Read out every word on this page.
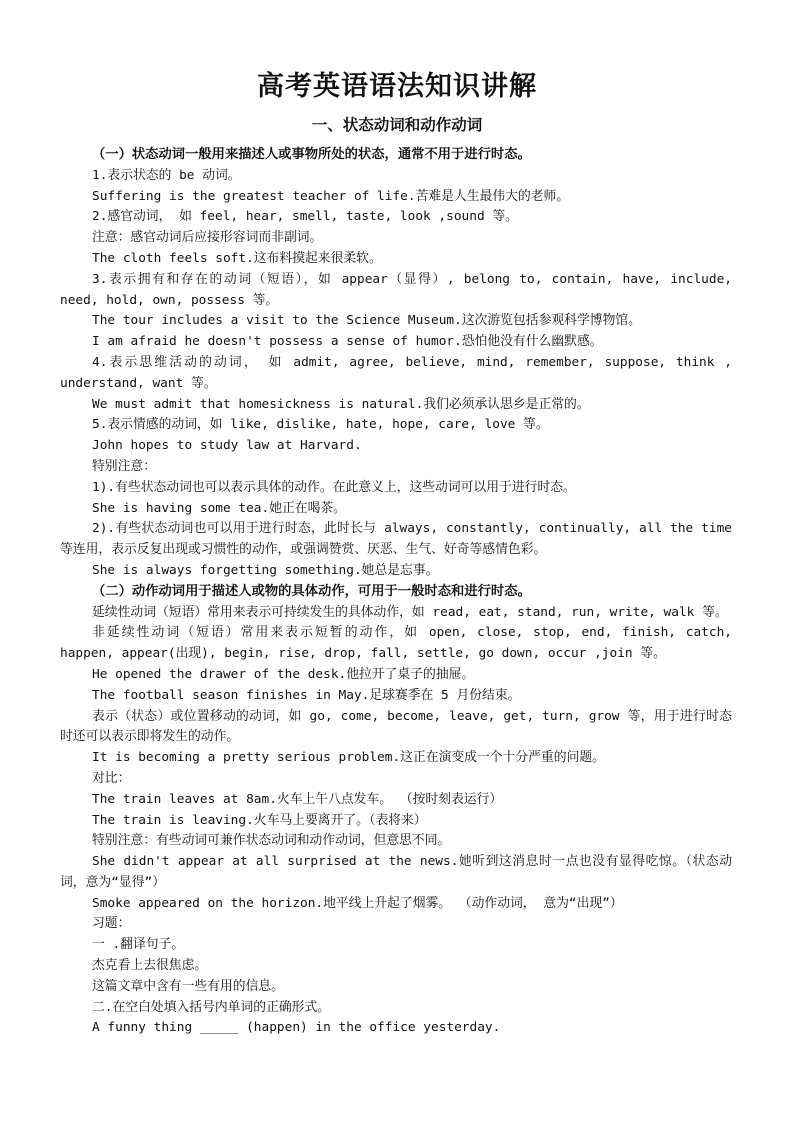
高考英语语法知识讲解
一、状态动词和动作动词

（一）状态动词一般用来描述人或事物所处的状态，通常不用于进行时态。

1.表示状态的 be 动词。

Suffering is the greatest teacher of life.苦难是人生最伟大的老师。

2.感官动词， 如 feel, hear, smell, taste, look ,sound 等。

注意：感官动词后应接形容词而非副词。

The cloth feels soft.这布料摸起来很柔软。

3.表示拥有和存在的动词（短语），如 appear（显得）, belong to, contain, have, include, need, hold, own, possess 等。

The tour includes a visit to the Science Museum.这次游览包括参观科学博物馆。

I am afraid he doesn't possess a sense of humor.恐怕他没有什么幽默感。

4.表示思维活动的动词， 如 admit, agree, believe, mind, remember, suppose, think , understand, want 等。

We must admit that homesickness is natural.我们必须承认思乡是正常的。

5.表示情感的动词，如 like, dislike, hate, hope, care, love 等。

John hopes to study law at Harvard.

特别注意：

1).有些状态动词也可以表示具体的动作。在此意义上，这些动词可以用于进行时态。

She is having some tea.她正在喝茶。

2).有些状态动词也可以用于进行时态，此时长与 always, constantly, continually, all the time 等连用，表示反复出现或习惯性的动作，或强调赞赏、厌恶、生气、好奇等感情色彩。

She is always forgetting something.她总是忘事。

（二）动作动词用于描述人或物的具体动作，可用于一般时态和进行时态。

延续性动词（短语）常用来表示可持续发生的具体动作，如 read, eat, stand, run, write, walk 等。

非延续性动词（短语）常用来表示短暂的动作，如 open, close, stop, end, finish, catch, happen, appear(出现), begin, rise, drop, fall, settle, go down, occur ,join 等。

He opened the drawer of the desk.他拉开了桌子的抽屉。

The football season finishes in May.足球赛季在 5 月份结束。

表示（状态）或位置移动的动词，如 go, come, become, leave, get, turn, grow 等，用于进行时态时还可以表示即将发生的动作。

It is becoming a pretty serious problem.这正在演变成一个十分严重的问题。

对比：

The train leaves at 8am.火车上午八点发车。 （按时刻表运行）

The train is leaving.火车马上要离开了。（表将来）

特别注意：有些动词可兼作状态动词和动作动词，但意思不同。

She didn't appear at all surprised at the news.她听到这消息时一点也没有显得吃惊。（状态动词，意为“显得”）

Smoke appeared on the horizon.地平线上升起了烟雾。 （动作动词， 意为“出现”）

习题：

一 .翻译句子。

杰克看上去很焦虑。

这篇文章中含有一些有用的信息。

二.在空白处填入括号内单词的正确形式。

A funny thing _____ (happen) in the office yesterday.
